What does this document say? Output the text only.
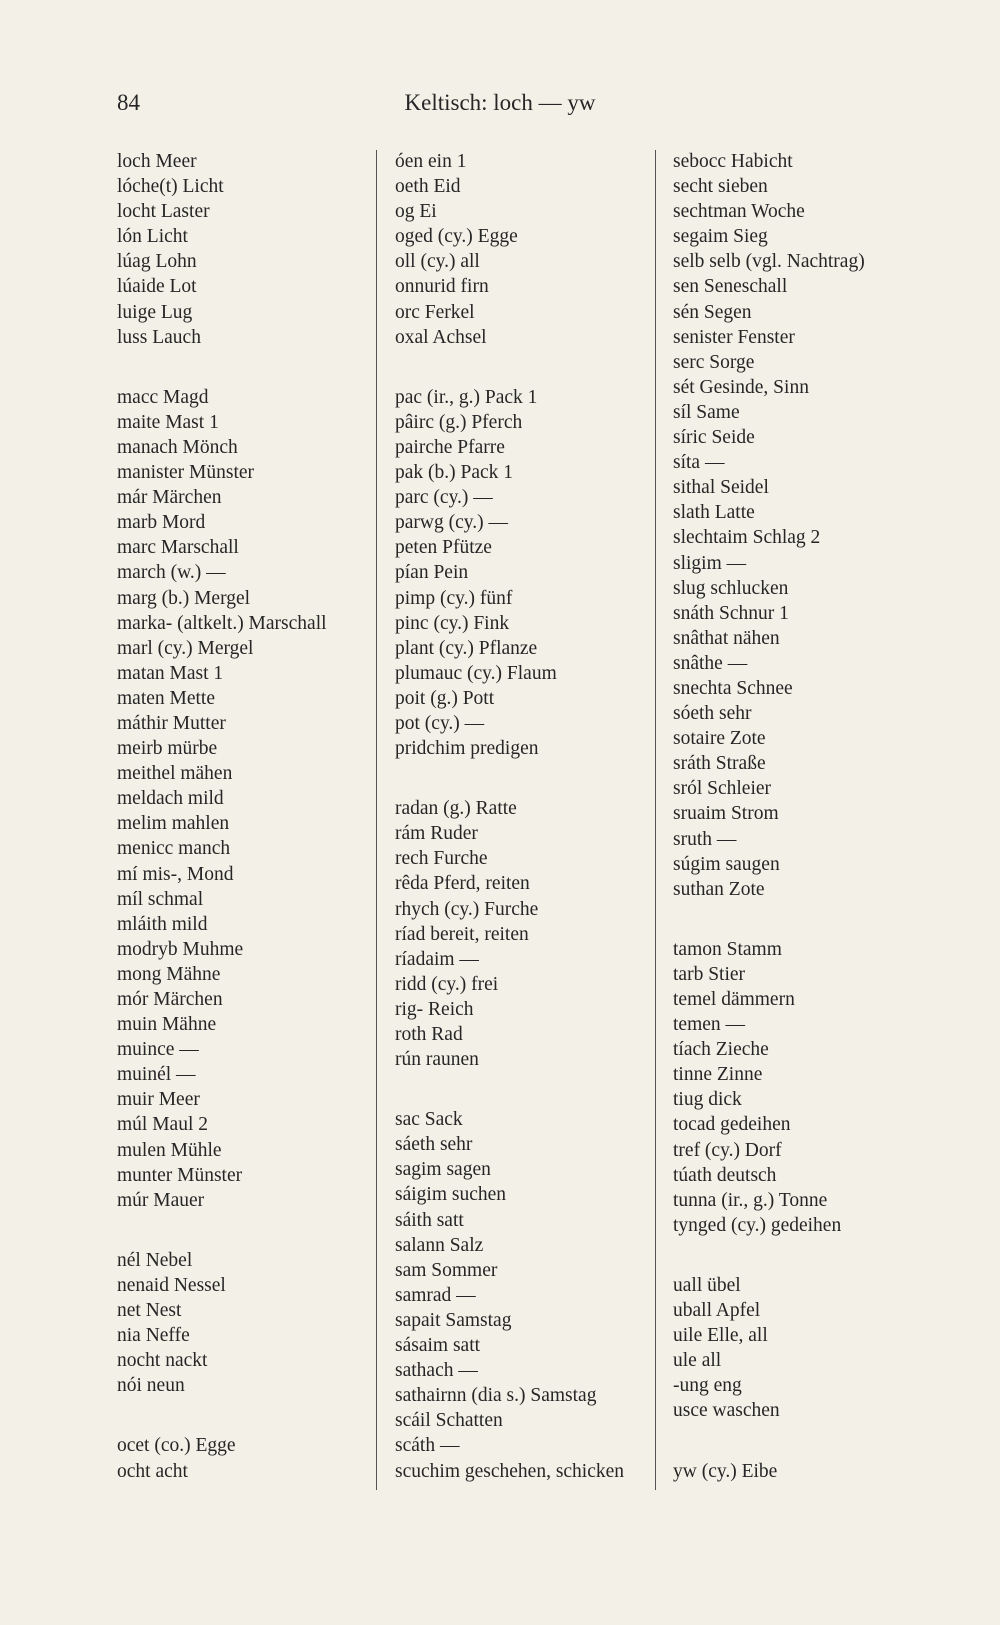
84	Keltisch: loch — yw
loch Meer
lóche(t) Licht
locht Laster
lón Licht
lúag Lohn
lúaide Lot
luige Lug
luss Lauch
macc Magd
maite Mast 1
manach Mönch
manister Münster
már Märchen
marb Mord
marc Marschall
march (w.) —
marg (b.) Mergel
marka- (altkelt.) Marschall
marl (cy.) Mergel
matan Mast 1
maten Mette
máthir Mutter
meirb mürbe
meithel mähen
meldach mild
melim mahlen
menicc manch
mí mis-, Mond
míl schmal
mláith mild
modryb Muhme
mong Mähne
mór Märchen
muin Mähne
muince —
muinél —
muir Meer
múl Maul 2
mulen Mühle
munter Münster
múr Mauer
nél Nebel
nenaid Nessel
net Nest
nia Neffe
nocht nackt
nói neun
ocet (co.) Egge
ocht acht
óen ein 1
oeth Eid
og Ei
oged (cy.) Egge
oll (cy.) all
onnurid firn
orc Ferkel
oxal Achsel
pac (ir., g.) Pack 1
pâirc (g.) Pferch
pairche Pfarre
pak (b.) Pack 1
parc (cy.) —
parwg (cy.) —
peten Pfütze
pían Pein
pimp (cy.) fünf
pinc (cy.) Fink
plant (cy.) Pflanze
plumauc (cy.) Flaum
poit (g.) Pott
pot (cy.) —
pridchim predigen
radan (g.) Ratte
rám Ruder
rech Furche
rêda Pferd, reiten
rhych (cy.) Furche
ríad bereit, reiten
ríadaim —
ridd (cy.) frei
rig- Reich
roth Rad
rún raunen
sac Sack
sáeth sehr
sagim sagen
sáigim suchen
sáith satt
salann Salz
sam Sommer
samrad —
sapait Samstag
sásaim satt
sathach —
sathairnn (dia s.) Samstag
scáil Schatten
scáth —
scuchim geschehen, schicken
sebocc Habicht
secht sieben
sechtman Woche
segaim Sieg
selb selb (vgl. Nachtrag)
sen Seneschall
sén Segen
senister Fenster
serc Sorge
sét Gesinde, Sinn
síl Same
síric Seide
síta —
sithal Seidel
slath Latte
slechtaim Schlag 2
sligim —
slug schlucken
snáth Schnur 1
snâthat nähen
snâthe —
snechta Schnee
sóeth sehr
sotaire Zote
sráth Straße
sról Schleier
sruaim Strom
sruth —
súgim saugen
suthan Zote
tamon Stamm
tarb Stier
temel dämmern
temen —
tíach Zieche
tinne Zinne
tiug dick
tocad gedeihen
tref (cy.) Dorf
túath deutsch
tunna (ir., g.) Tonne
tynged (cy.) gedeihen
uall übel
uball Apfel
uile Elle, all
ule all
-ung eng
usce waschen
yw (cy.) Eibe
